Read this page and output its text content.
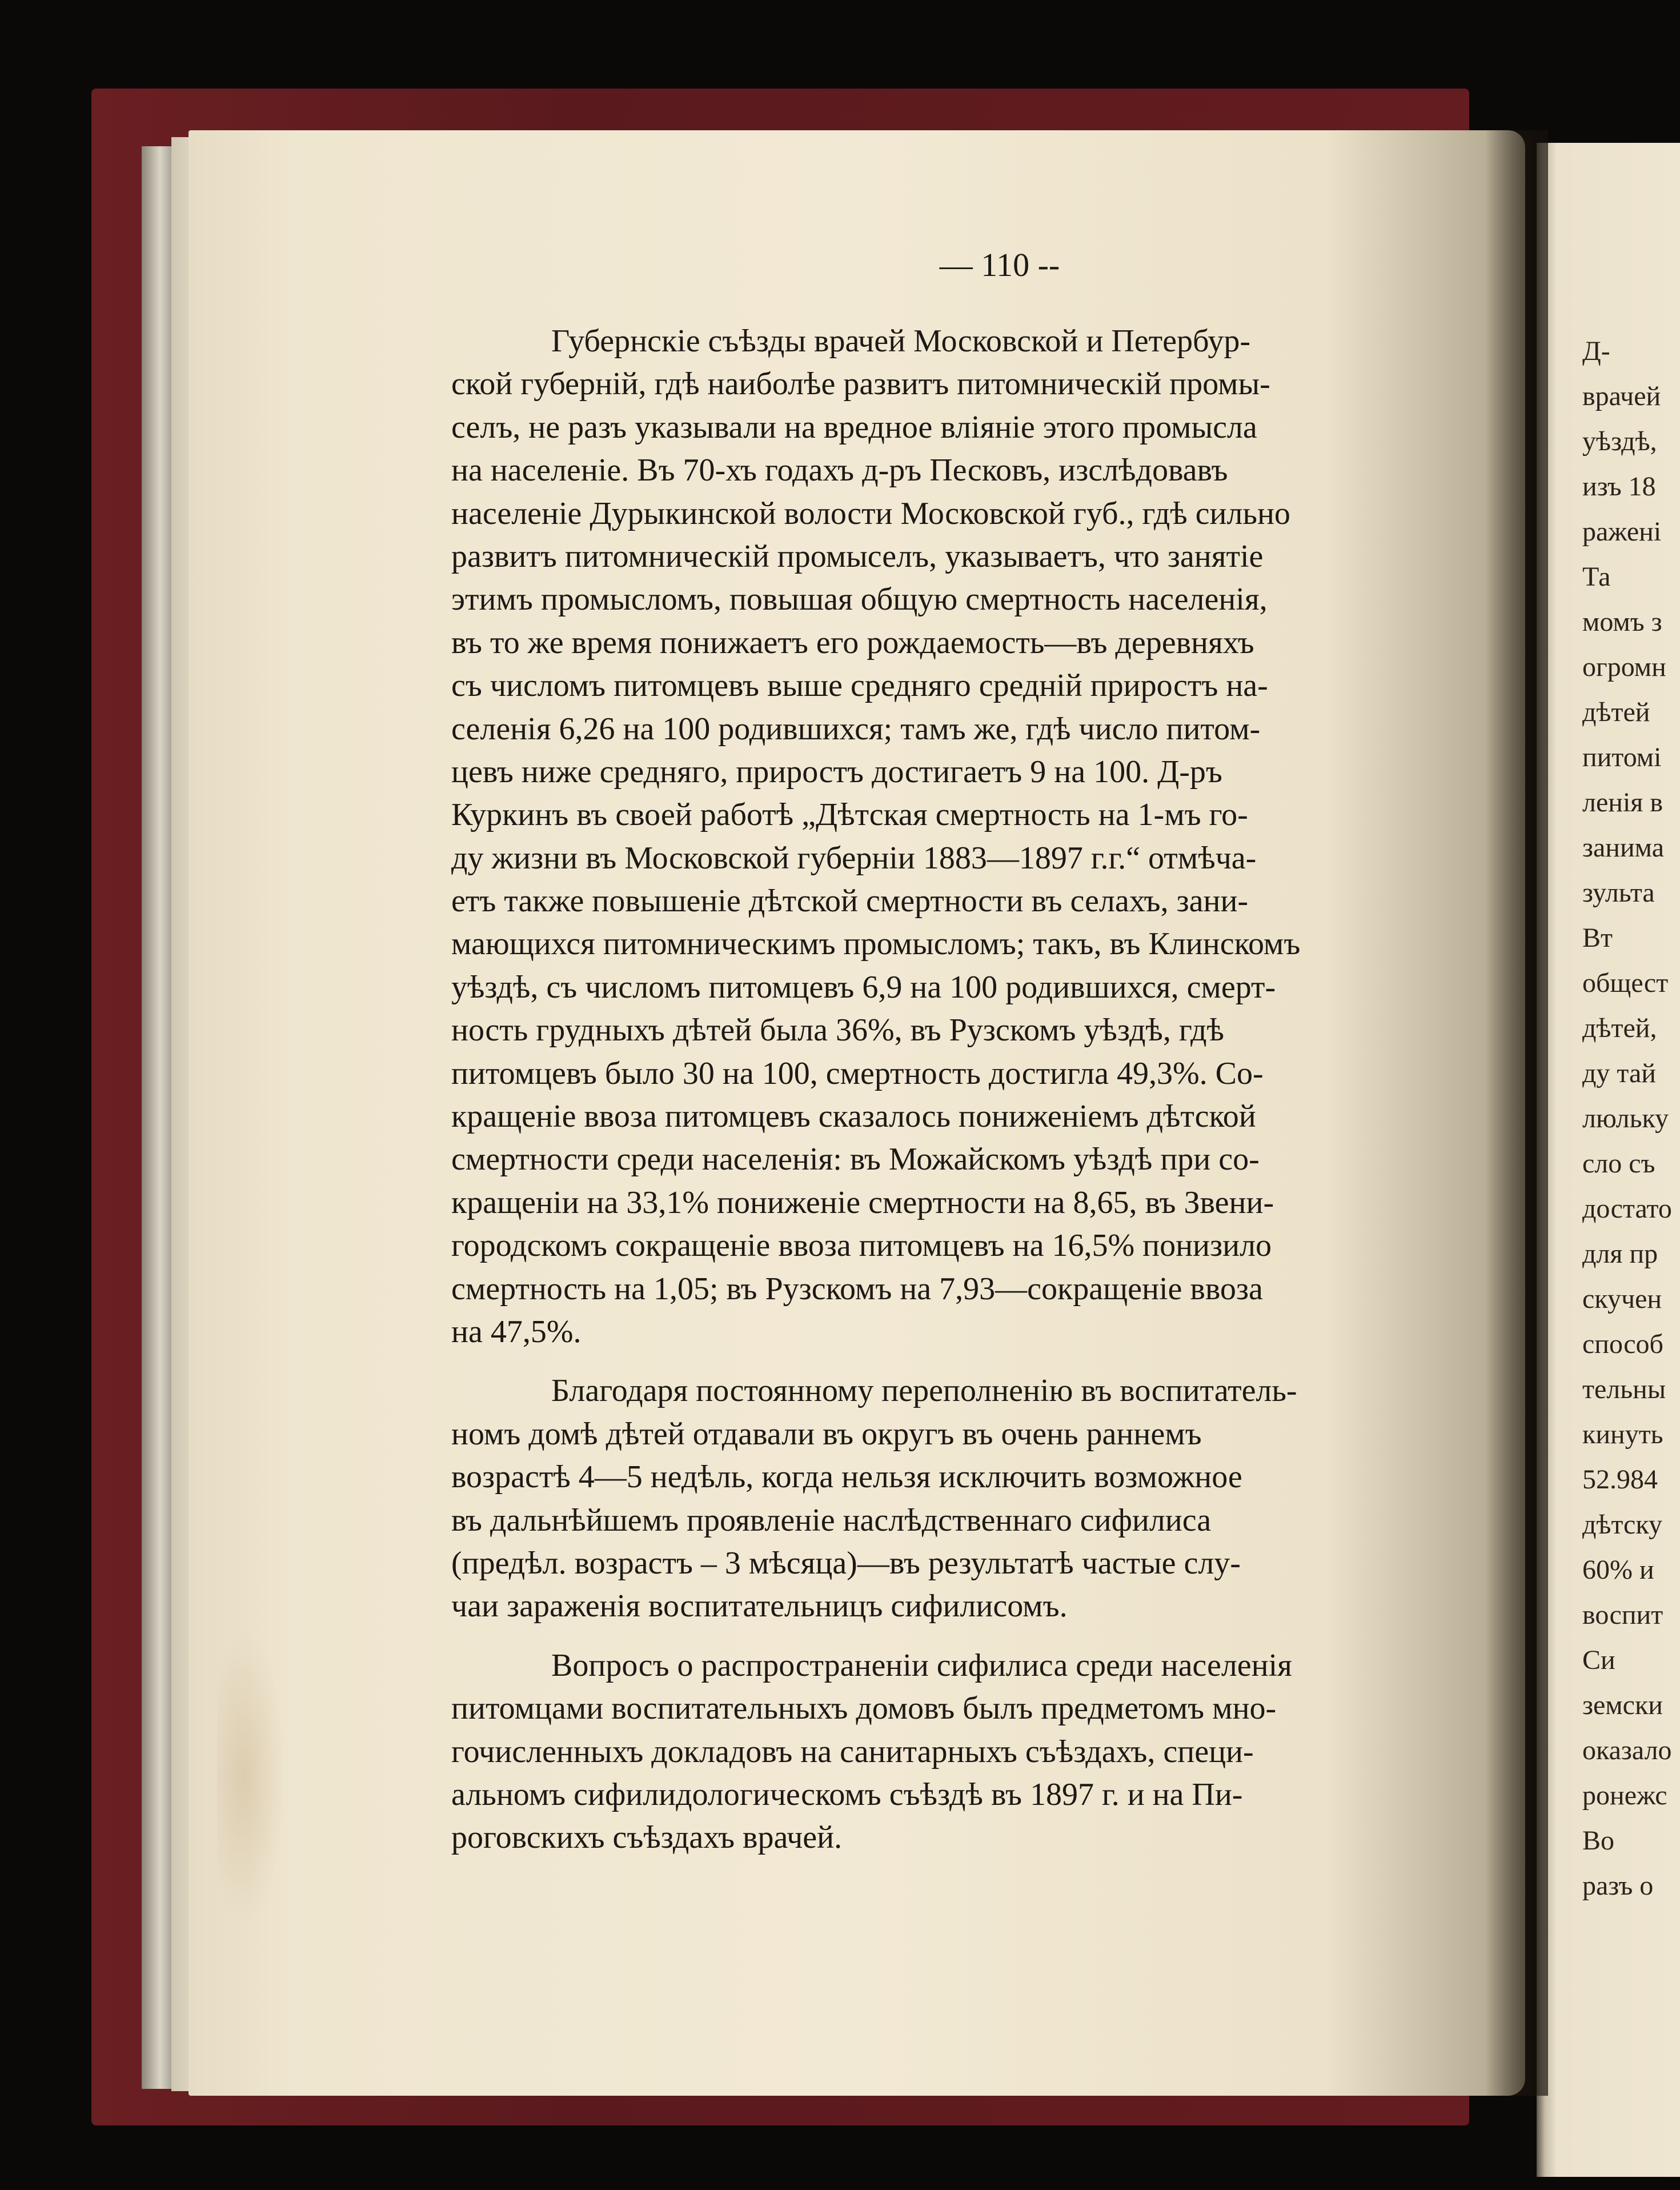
— 110 --
Губернскіе съѣзды врачей Московской и Петербур-
ской губерній, гдѣ наиболѣе развитъ питомническій промы-
селъ, не разъ указывали на вредное вліяніе этого промысла
на населеніе. Въ 70-хъ годахъ д-ръ Песковъ, изслѣдовавъ
населеніе Дурыкинской волости Московской губ., гдѣ сильно
развитъ питомническій промыселъ, указываетъ, что занятіе
этимъ промысломъ, повышая общую смертность населенія,
въ то же время понижаетъ его рождаемость—въ деревняхъ
съ числомъ питомцевъ выше средняго средній приростъ на-
селенія 6,26 на 100 родившихся; тамъ же, гдѣ число питом-
цевъ ниже средняго, приростъ достигаетъ 9 на 100. Д-ръ
Куркинъ въ своей работѣ „Дѣтская смертность на 1-мъ го-
ду жизни въ Московской губерніи 1883—1897 г.г.“ отмѣча-
етъ также повышеніе дѣтской смертности въ селахъ, зани-
мающихся питомническимъ промысломъ; такъ, въ Клинскомъ
уѣздѣ, съ числомъ питомцевъ 6,9 на 100 родившихся, смерт-
ность грудныхъ дѣтей была 36%, въ Рузскомъ уѣздѣ, гдѣ
питомцевъ было 30 на 100, смертность достигла 49,3%. Со-
кращеніе ввоза питомцевъ сказалось пониженіемъ дѣтской
смертности среди населенія: въ Можайскомъ уѣздѣ при со-
кращеніи на 33,1% пониженіе смертности на 8,65, въ Звени-
городскомъ сокращеніе ввоза питомцевъ на 16,5% понизило
смертность на 1,05; въ Рузскомъ на 7,93—сокращеніе ввоза
на 47,5%.
Благодаря постоянному переполненію въ воспитатель-
номъ домѣ дѣтей отдавали въ округъ въ очень раннемъ
возрастѣ 4—5 недѣль, когда нельзя исключить возможное
въ дальнѣйшемъ проявленіе наслѣдственнаго сифилиса
(предѣл. возрастъ – 3 мѣсяца)—въ результатѣ частые слу-
чаи зараженія воспитательницъ сифилисомъ.
Вопросъ о распространеніи сифилиса среди населенія
питомцами воспитательныхъ домовъ былъ предметомъ мно-
гочисленныхъ докладовъ на санитарныхъ съѣздахъ, специ-
альномъ сифилидологическомъ съѣздѣ въ 1897 г. и на Пи-
роговскихъ съѣздахъ врачей.
Д-
врачей
уѣздѣ,
изъ 18
раженi
Та
момъ з
огромн
дѣтей
питомі
ленія в
занима
зульта
Вт
общест
дѣтей,
ду тай
люльку
сло съ
достато
для пр
скучен
способ
тельны
кинуть
52.984
дѣтску
60% и
воспит
Си
земски
оказало
ронежс
Во
разъ о
